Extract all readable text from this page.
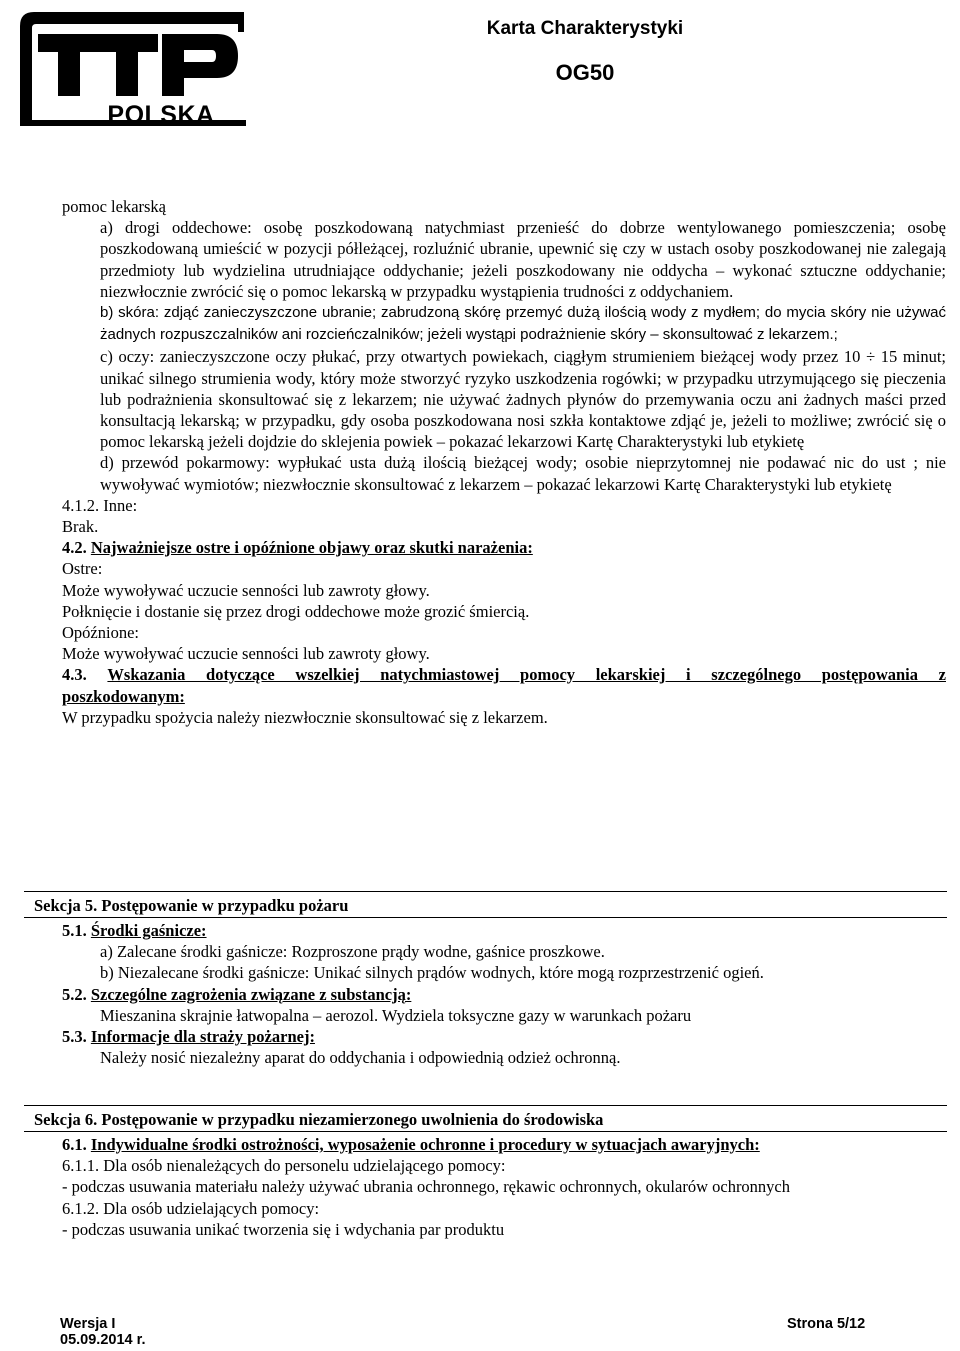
POLSKA
Karta Charakterystyki
OG50

pomoc lekarską

a) drogi oddechowe: osobę poszkodowaną natychmiast przenieść do dobrze wentylowanego pomieszczenia; osobę poszkodowaną umieścić w pozycji półleżącej, rozluźnić ubranie, upewnić się czy w ustach osoby poszkodowanej nie zalegają przedmioty lub wydzielina utrudniające oddychanie; jeżeli poszkodowany nie oddycha – wykonać sztuczne oddychanie; niezwłocznie zwrócić się o pomoc lekarską w przypadku wystąpienia trudności z oddychaniem.

b) skóra: zdjąć zanieczyszczone ubranie; zabrudzoną skórę przemyć dużą ilością wody z mydłem; do mycia skóry nie używać żadnych rozpuszczalników ani rozcieńczalników; jeżeli wystąpi podrażnienie skóry – skonsultować z lekarzem.;

c) oczy: zanieczyszczone oczy płukać, przy otwartych powiekach, ciągłym strumieniem bieżącej wody przez 10 ÷ 15 minut; unikać silnego strumienia wody, który może stworzyć ryzyko uszkodzenia rogówki; w przypadku utrzymującego się pieczenia lub podrażnienia skonsultować się z lekarzem; nie używać żadnych płynów do przemywania oczu ani żadnych maści przed konsultacją lekarską; w przypadku, gdy osoba poszkodowana nosi szkła kontaktowe zdjąć je, jeżeli to możliwe; zwrócić się o pomoc lekarską jeżeli dojdzie do sklejenia powiek – pokazać lekarzowi Kartę Charakterystyki lub etykietę

d) przewód pokarmowy: wypłukać usta dużą ilością bieżącej wody; osobie nieprzytomnej nie podawać nic do ust ; nie wywoływać wymiotów; niezwłocznie skonsultować z lekarzem – pokazać lekarzowi Kartę Charakterystyki lub etykietę

4.1.2. Inne:

Brak.

4.2. Najważniejsze ostre i opóźnione objawy oraz skutki narażenia:

Ostre:

Może wywoływać uczucie senności lub zawroty głowy.

Połknięcie i dostanie się przez drogi oddechowe może grozić śmiercią.

Opóźnione:

Może wywoływać uczucie senności lub zawroty głowy.

4.3. Wskazania dotyczące wszelkiej natychmiastowej pomocy lekarskiej i szczególnego postępowania z

poszkodowanym:

W przypadku spożycia należy niezwłocznie skonsultować się z lekarzem.

Sekcja 5. Postępowanie w przypadku pożaru

5.1. Środki gaśnicze:

a) Zalecane środki gaśnicze: Rozproszone prądy wodne, gaśnice proszkowe.

b) Niezalecane środki gaśnicze: Unikać silnych prądów wodnych, które mogą rozprzestrzenić ogień.

5.2. Szczególne zagrożenia związane z substancją:

Mieszanina skrajnie łatwopalna – aerozol. Wydziela toksyczne gazy w warunkach pożaru

5.3. Informacje dla straży pożarnej:

Należy nosić niezależny aparat do oddychania i odpowiednią odzież ochronną.

Sekcja 6. Postępowanie w przypadku niezamierzonego uwolnienia do środowiska

6.1. Indywidualne środki ostrożności, wyposażenie ochronne i procedury w sytuacjach awaryjnych:

6.1.1. Dla osób nienależących do personelu udzielającego pomocy:

- podczas usuwania materiału należy używać ubrania ochronnego, rękawic ochronnych, okularów ochronnych

6.1.2. Dla osób udzielających pomocy:

- podczas usuwania unikać tworzenia się i wdychania par produktu

Wersja I
05.09.2014 r.
Strona 5/12
